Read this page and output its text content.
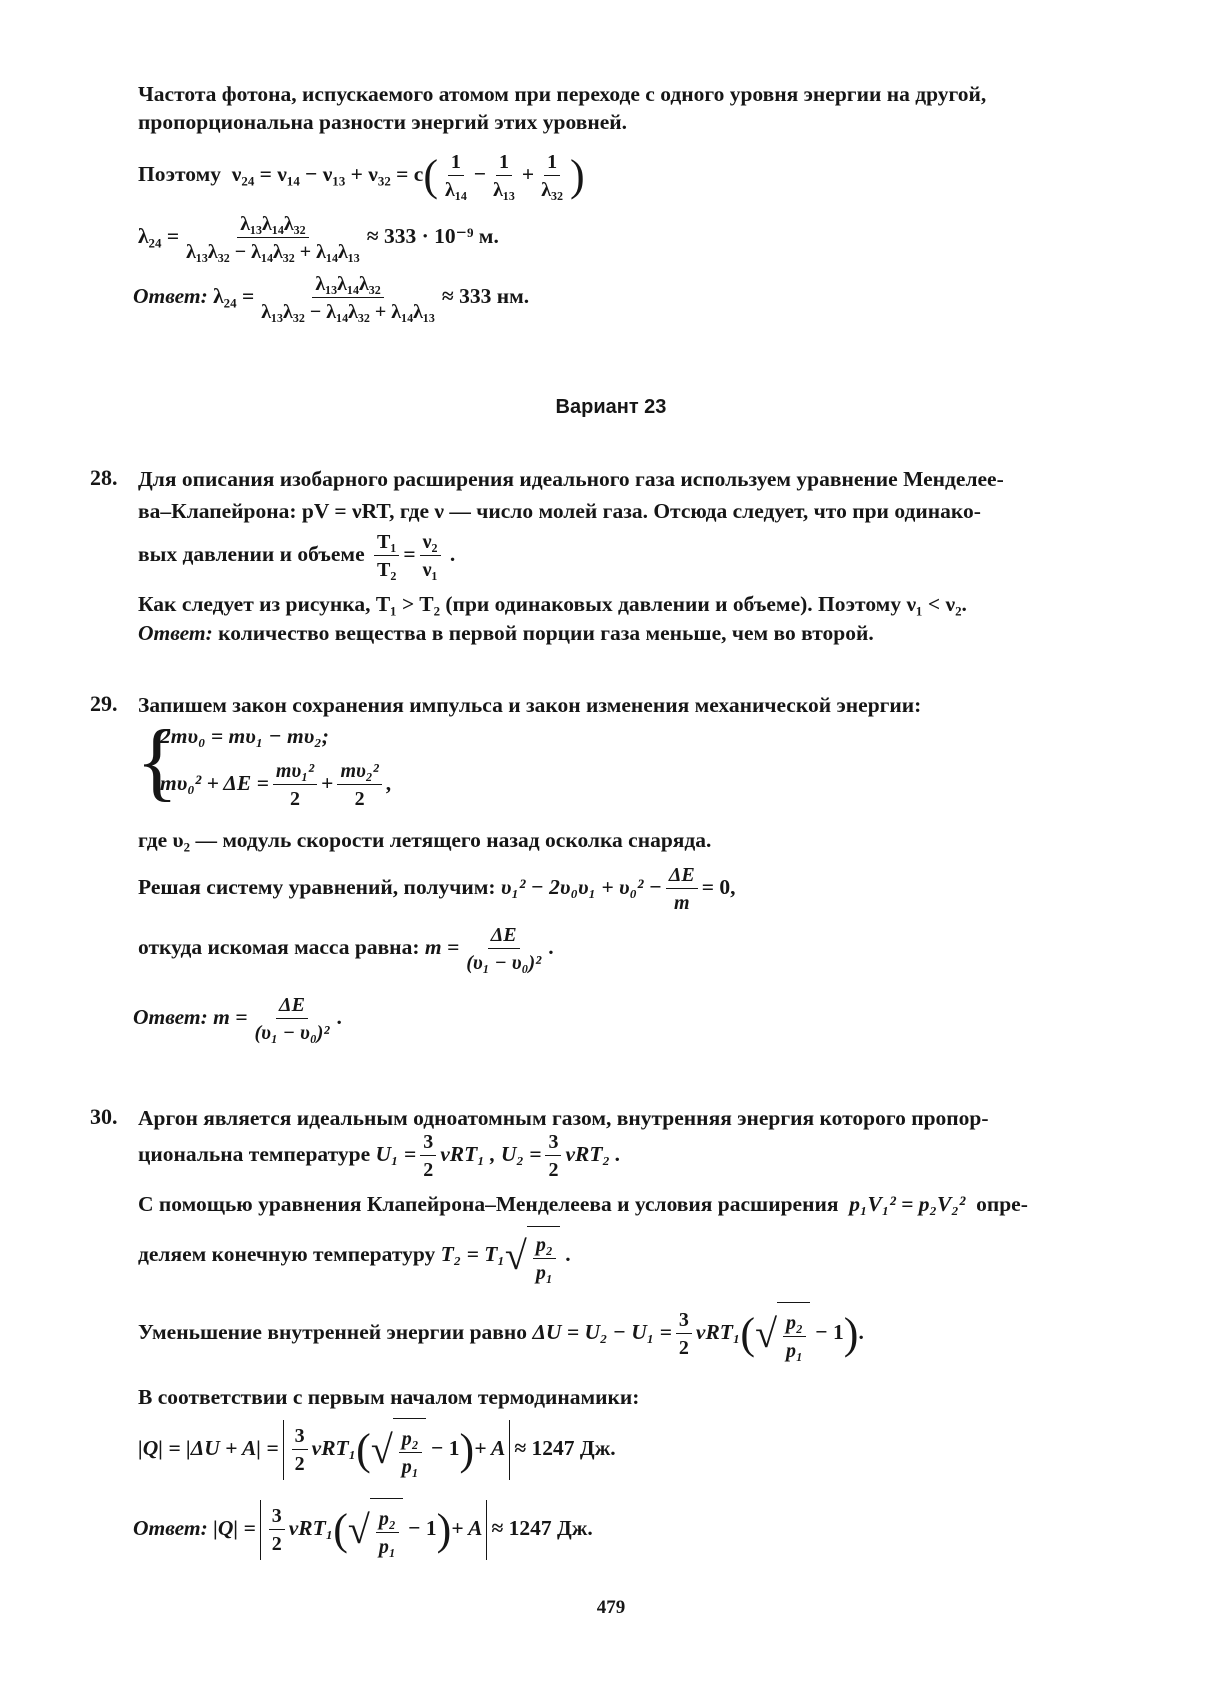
Частота фотона, испускаемого атомом при переходе с одного уровня энергии на другой,
пропорциональна разности энергий этих уровней.
Поэтому $\nu_{24} = \nu_{14} - \nu_{13} + \nu_{32} = c( \frac{1}{\text{λ₁₄}} - \frac{1}{\text{λ₁₃}} + \frac{1}{\text{λ₃₂}}$ )
$\lambda_{24} = \frac{\text{λ₁₃λ₁₄λ₃₂}}{\text{λ₁₃λ₃₂ − λ₁₄λ₃₂ + λ₁₄λ₁₃}} \approx 333 \cdot 10^{-9}$ м.
Ответ: $\lambda_{24} = \frac{\text{λ₁₃λ₁₄λ₃₂}}{\text{λ₁₃λ₃₂ − λ₁₄λ₃₂ + λ₁₄λ₁₃}} \approx 333$ нм.
Вариант 23
28. Для описания изобарного расширения идеального газа используем уравнение Менделее-
ва–Клапейрона: pV = νRT, где ν — число молей газа. Отсюда следует, что при одинако-
вых давлении и объеме $\frac{\text{T₁}}{\text{T₂}} = \frac{\text{ν₂}}{\text{ν₁}}$ .
Как следует из рисунка, T₁ > T₂ (при одинаковых давлении и объеме). Поэтому ν₁ < ν₂.
Ответ: количество вещества в первой порции газа меньше, чем во второй.
29. Запишем закон сохранения импульса и закон изменения механической энергии:
{
2mυ₀ = mυ₁ − mυ₂;
$m\upsilon_0^2 + \Delta E = \frac{\text{mυ₁²}}{2} + \frac{\text{mυ₂²}}{2}$ ,
где υ₂ — модуль скорости летящего назад осколка снаряда.
Решая систему уравнений, получим: $\upsilon_1^2 - 2\upsilon_0\upsilon_1 + \upsilon_0^2 - \frac{\Delta E}{m} = 0$,
откуда искомая масса равна: $m = \frac{\Delta E}{\text{(υ₁ − υ₀)²}}$ .
Ответ: $m = \frac{\Delta E}{\text{(υ₁ − υ₀)²}}$ .
30. Аргон является идеальным одноатомным газом, внутренняя энергия которого пропор-
циональна температуре $U_1 = \frac{3}{2} \nu RT_1$ , $U_2 = \frac{3}{2} \nu RT_2$ .
С помощью уравнения Клапейрона–Менделеева и условия расширения p₁V₁² = p₂V₂² опре-
деляем конечную температуру T₂ = T₁ √ $\frac{\text{p₂}}{\text{p₁}}$ .
Уменьшение внутренней энергии равно $\Delta U = U_2 - U_1 = \frac{3}{2} \nu RT_1$( √ $\frac{\text{p₂}}{\text{p₁}} - 1$).
В соответствии с первым началом термодинамики:
$|Q| = |\Delta U + A| = \frac{3}{2} \nu RT_1$( √ $\frac{\text{p₂}}{\text{p₁}} - 1)+ A \approx 1247$ Дж.
Ответ: $|Q| = \frac{3}{2} \nu RT_1$( √ $\frac{\text{p₂}}{\text{p₁}} - 1)+ A \approx 1247$ Дж.
479
